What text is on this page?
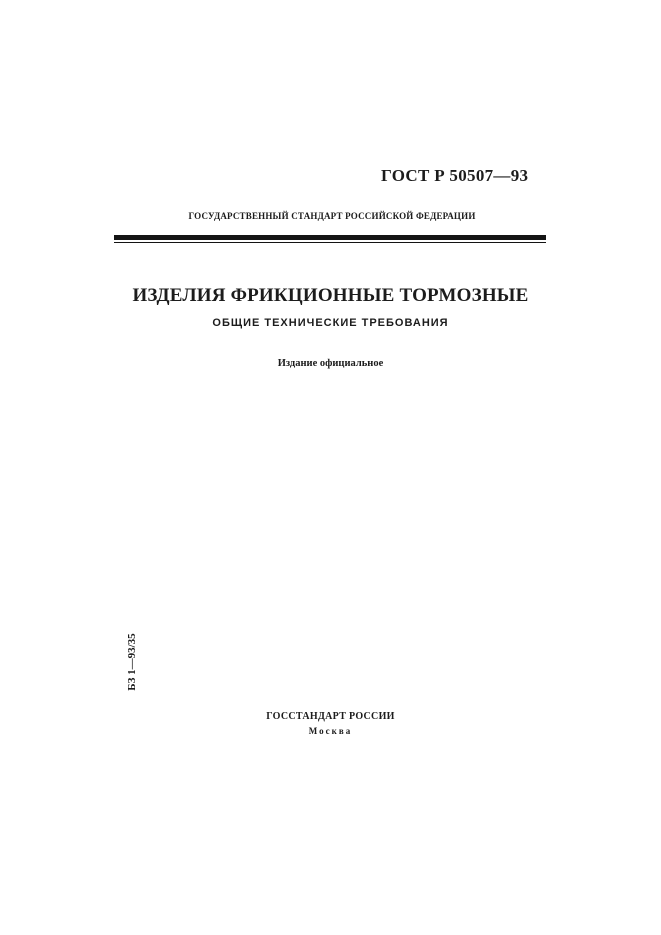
ГОСТ Р 50507—93
ГОСУДАРСТВЕННЫЙ СТАНДАРТ РОССИЙСКОЙ ФЕДЕРАЦИИ
ИЗДЕЛИЯ ФРИКЦИОННЫЕ ТОРМОЗНЫЕ
ОБЩИЕ ТЕХНИЧЕСКИЕ ТРЕБОВАНИЯ
Издание официальное
БЗ 1—93/35
ГОССТАНДАРТ РОССИИ
Москва
